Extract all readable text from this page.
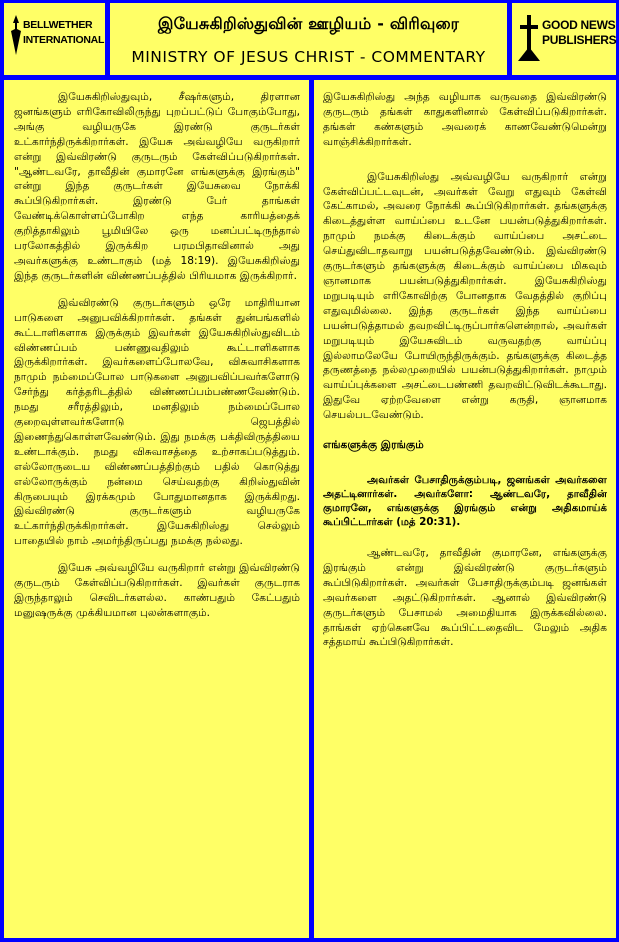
BELLWETHER INTERNATIONAL
இயேசுகிறிஸ்துவின் ஊழியம் - விரிவுரை
MINISTRY OF JESUS CHRIST - COMMENTARY
GOOD NEWS PUBLISHERS

இயேசுகிறிஸ்துவும், சீஷர்களும், திரளான ஜனங்களும் எரிகோவிலிருந்து புறப்பட்டுப் போகும்போது, அங்கு வழியருகே இரண்டு குருடர்கள் உட்கார்ந்திருக்கிறார்கள். இயேசு அவ்வழியே வருகிறார் என்று இவ்விரண்டு குருடரும் கேள்விப்படுகிறார்கள். "ஆண்டவரே, தாவீதின் குமாரனே எங்களுக்கு இரங்கும்" என்று இந்த குருடர்கள் இயேசுவை நோக்கி கூப்பிடுகிறார்கள். இரண்டு பேர் தாங்கள் வேண்டிக்கொள்ளப்போகிற எந்த காரியத்தைக் குறித்தாகிலும் பூமியிலே ஒரு மனப்பட்டிருந்தால் பரலோகத்தில் இருக்கிற பரமபிதாவினால் அது அவர்களுக்கு உண்டாகும் (மத் 18:19). இயேசுகிறிஸ்து இந்த குருடர்களின் விண்ணப்பத்தில் பிரியமாக இருக்கிறார்.

இவ்விரண்டு குருடர்களும் ஒரே மாதிரியான பாடுகளை அனுபவிக்கிறார்கள். தங்கள் துன்பங்களில் கூட்டாளிகளாக இருக்கும் இவர்கள் இயேசுகிறிஸ்துவிடம் விண்ணப்பம் பண்ணுவதிலும் கூட்டாளிகளாக இருக்கிறார்கள். இவர்களைப்போலவே, விசுவாசிகளாக நாமும் நம்மைப்போல பாடுகளை அனுபவிப்பவர்களோடு சேர்ந்து கர்த்தரிடத்தில் விண்ணப்பம்பண்ணவேண்டும். நமது சரீரத்திலும், மனதிலும் நம்மைப்போல குறைவுள்ளவர்களோடு ஜெபத்தில் இணைந்துகொள்ளவேண்டும். இது நமக்கு பக்திவிருத்தியை உண்டாக்கும். நமது விசுவாசத்தை உற்சாகப்படுத்தும். எல்லோருடைய விண்ணப்பத்திற்கும் பதில் கொடுத்து எல்லோருக்கும் நன்மை செய்வதற்கு கிறிஸ்துவின் கிருபையும் இரக்கமும் போதுமானதாக இருக்கிறது. இவ்விரண்டு குருடர்களும் வழியருகே உட்கார்ந்திருக்கிறார்கள். இயேசுகிறிஸ்து செல்லும் பாதையில் நாம் அமர்ந்திருப்பது நமக்கு நல்லது.

இயேசு அவ்வழியே வருகிறார் என்று இவ்விரண்டு குருடரும் கேள்விப்படுகிறார்கள். இவர்கள் குருடராக இருந்தாலும் செவிடர்களல்ல. காண்பதும் கேட்பதும் மனுஷருக்கு முக்கியமான புலன்களாகும்.

இயேசுகிறிஸ்து அந்த வழியாக வருவதை இவ்விரண்டு குருடரும் தங்கள் காதுகளினால் கேள்விப்படுகிறார்கள். தங்கள் கண்களும் அவரைக் காணவேண்டுமென்று வாஞ்சிக்கிறார்கள்.

இயேசுகிறிஸ்து அவ்வழியே வருகிறார் என்று கேள்விப்பட்டவுடன், அவர்கள் வேறு எதுவும் கேள்வி கேட்காமல், அவரை நோக்கி கூப்பிடுகிறார்கள். தங்களுக்கு கிடைத்துள்ள வாய்ப்பை உடனே பயன்படுத்துகிறார்கள். நாமும் நமக்கு கிடைக்கும் வாய்ப்பை அசட்டை செய்துவிடாதவாறு பயன்படுத்தவேண்டும். இவ்விரண்டு குருடர்களும் தங்களுக்கு கிடைக்கும் வாய்ப்பை மிகவும் ஞானமாக பயன்படுத்துகிறார்கள். இயேசுகிறிஸ்து மறுபடியும் எரிகோவிற்கு போனதாக வேதத்தில் குறிப்பு எதுவுமில்லை. இந்த குருடர்கள் இந்த வாய்ப்பை பயன்படுத்தாமல் தவறவிட்டிருப்பார்களென்றால், அவர்கள் மறுபடியும் இயேசுவிடம் வருவதற்கு வாய்ப்பு இல்லாமலேயே போயிருந்திருக்கும். தங்களுக்கு கிடைத்த தருணத்தை நல்லமுறையில் பயன்படுத்துகிறார்கள். நாமும் வாய்ப்புக்களை அசட்டைபண்ணி தவறவிட்டுவிடக்கூடாது. இதுவே ஏற்றவேளை என்று கருதி, ஞானமாக செயல்படவேண்டும்.

எங்களுக்கு இரங்கும்

அவர்கள் பேசாதிருக்கும்படி, ஜனங்கள் அவர்களை அதட்டினார்கள். அவர்களோ: ஆண்டவரே, தாவீதின் குமாரனே, எங்களுக்கு இரங்கும் என்று அதிகமாய்க் கூப்பிட்டார்கள் (மத் 20:31).

ஆண்டவரே, தாவீதின் குமாரனே, எங்களுக்கு இரங்கும் என்று இவ்விரண்டு குருடர்களும் கூப்பிடுகிறார்கள். அவர்கள் பேசாதிருக்கும்படி ஜனங்கள் அவர்களை அதட்டுகிறார்கள். ஆனால் இவ்விரண்டு குருடர்களும் பேசாமல் அமைதியாக இருக்கவில்லை. தாங்கள் ஏற்கெனவே கூப்பிட்டதைவிட மேலும் அதிக சத்தமாய் கூப்பிடுகிறார்கள்.
